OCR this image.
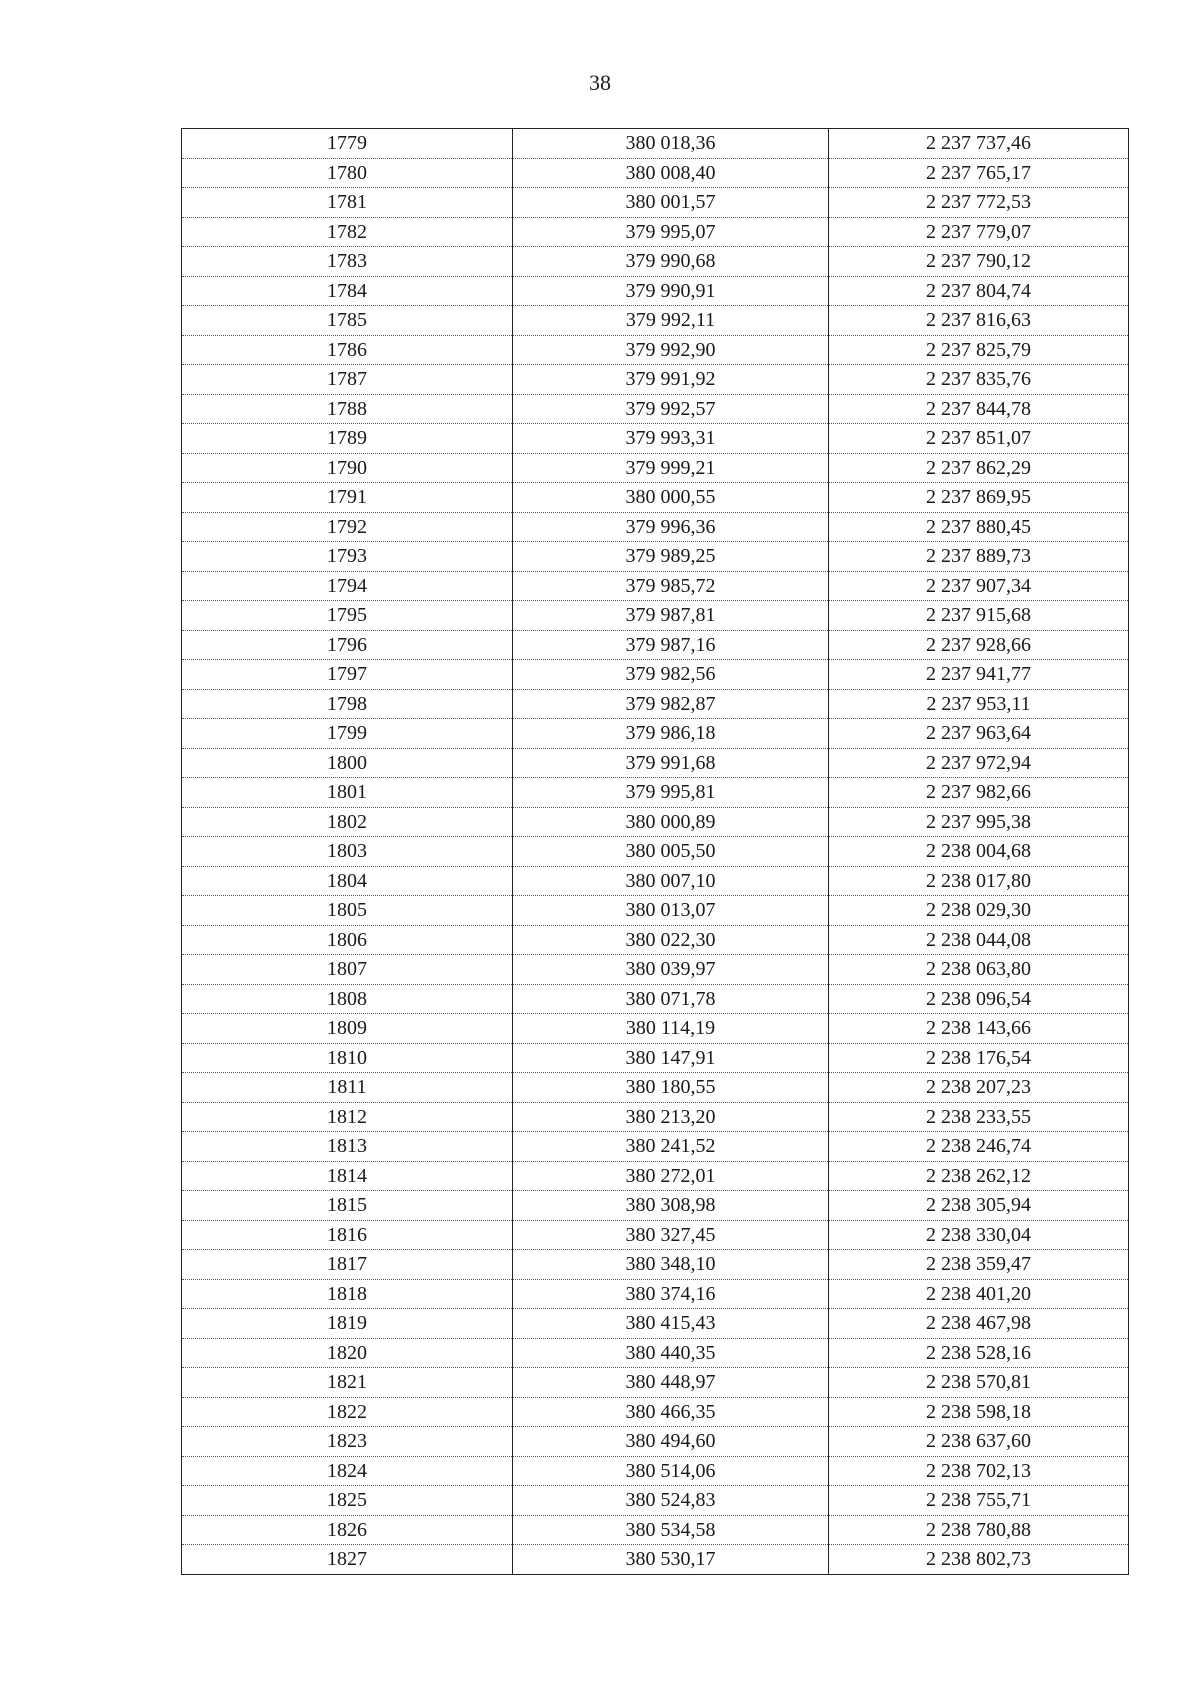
38
1779	380 018,36	2 237 737,46
1780	380 008,40	2 237 765,17
1781	380 001,57	2 237 772,53
1782	379 995,07	2 237 779,07
1783	379 990,68	2 237 790,12
1784	379 990,91	2 237 804,74
1785	379 992,11	2 237 816,63
1786	379 992,90	2 237 825,79
1787	379 991,92	2 237 835,76
1788	379 992,57	2 237 844,78
1789	379 993,31	2 237 851,07
1790	379 999,21	2 237 862,29
1791	380 000,55	2 237 869,95
1792	379 996,36	2 237 880,45
1793	379 989,25	2 237 889,73
1794	379 985,72	2 237 907,34
1795	379 987,81	2 237 915,68
1796	379 987,16	2 237 928,66
1797	379 982,56	2 237 941,77
1798	379 982,87	2 237 953,11
1799	379 986,18	2 237 963,64
1800	379 991,68	2 237 972,94
1801	379 995,81	2 237 982,66
1802	380 000,89	2 237 995,38
1803	380 005,50	2 238 004,68
1804	380 007,10	2 238 017,80
1805	380 013,07	2 238 029,30
1806	380 022,30	2 238 044,08
1807	380 039,97	2 238 063,80
1808	380 071,78	2 238 096,54
1809	380 114,19	2 238 143,66
1810	380 147,91	2 238 176,54
1811	380 180,55	2 238 207,23
1812	380 213,20	2 238 233,55
1813	380 241,52	2 238 246,74
1814	380 272,01	2 238 262,12
1815	380 308,98	2 238 305,94
1816	380 327,45	2 238 330,04
1817	380 348,10	2 238 359,47
1818	380 374,16	2 238 401,20
1819	380 415,43	2 238 467,98
1820	380 440,35	2 238 528,16
1821	380 448,97	2 238 570,81
1822	380 466,35	2 238 598,18
1823	380 494,60	2 238 637,60
1824	380 514,06	2 238 702,13
1825	380 524,83	2 238 755,71
1826	380 534,58	2 238 780,88
1827	380 530,17	2 238 802,73
